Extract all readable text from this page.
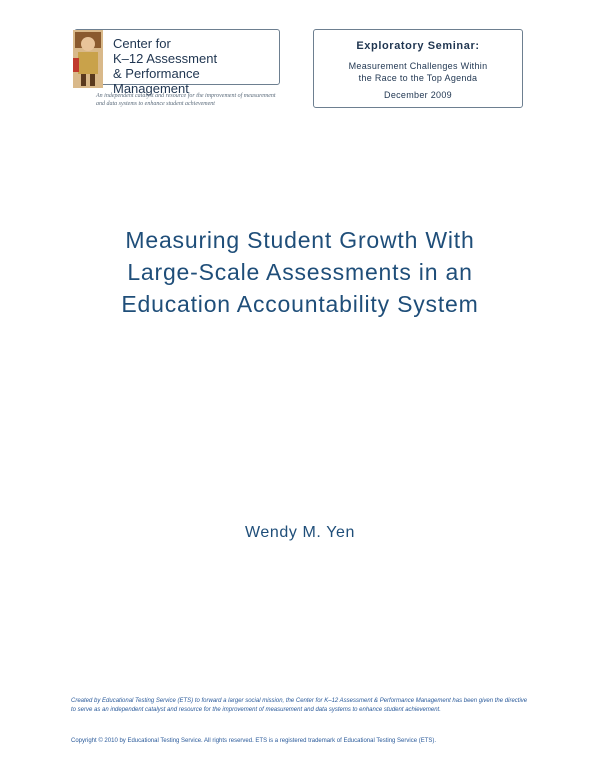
Center for
K–12 Assessment
& Performance Management
An independent catalyst and resource for the improvement of measurement and data systems to enhance student achievement
Exploratory Seminar:
Measurement Challenges Within
the Race to the Top Agenda
December 2009
Measuring Student Growth With
Large-Scale Assessments in an
Education Accountability System
Wendy M. Yen
Created by Educational Testing Service (ETS) to forward a larger social mission, the Center for K–12 Assessment & Performance Management has been given the directive to serve as an independent catalyst and resource for the improvement of measurement and data systems to enhance student achievement.
Copyright © 2010 by Educational Testing Service. All rights reserved. ETS is a registered trademark of Educational Testing Service (ETS).
